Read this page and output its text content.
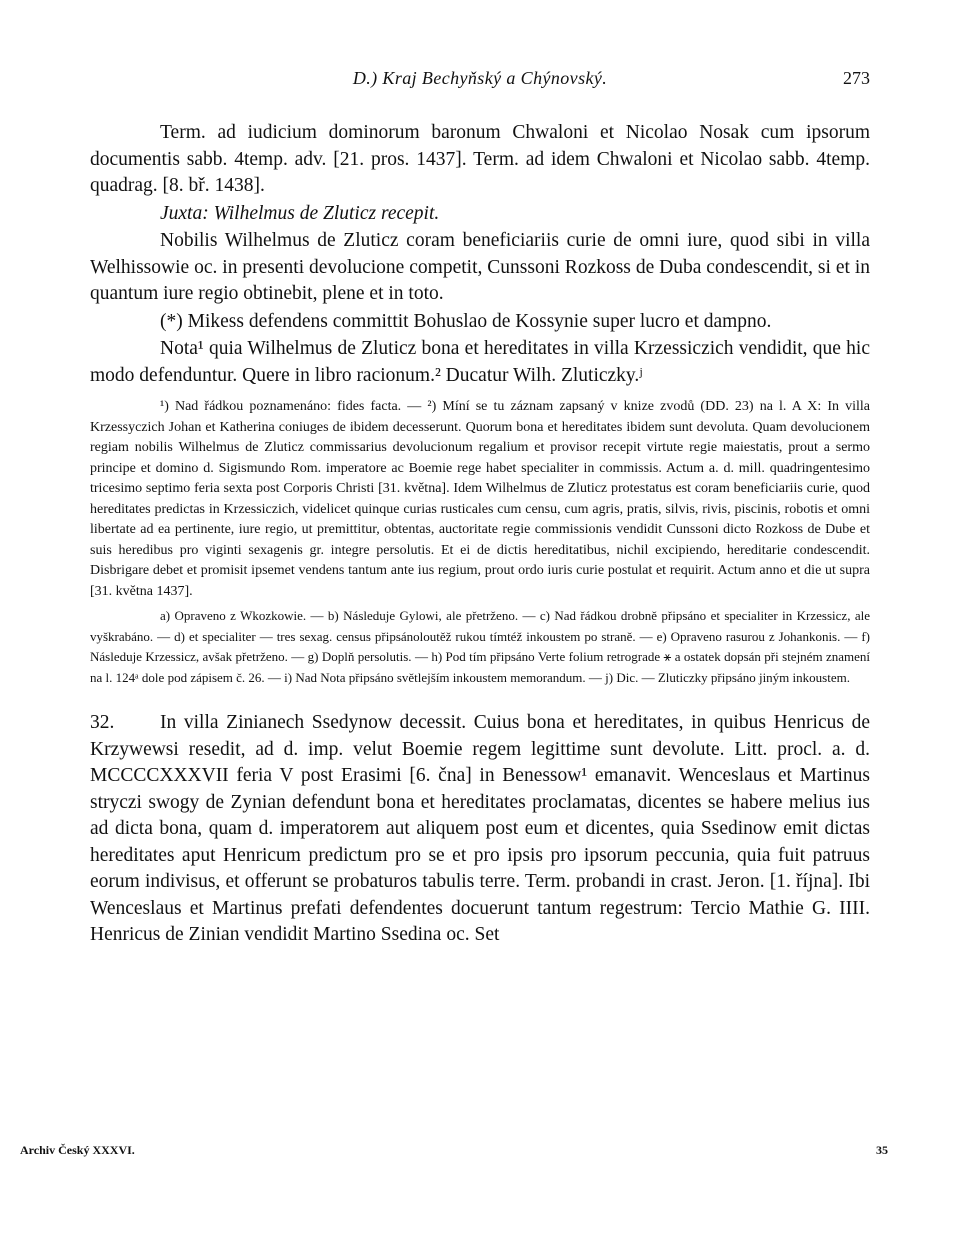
D.) Kraj Bechyňský a Chýnovský.	273

Term. ad iudicium dominorum baronum Chwaloni et Nicolao Nosak cum ipsorum documentis sabb. 4temp. adv. [21. pros. 1437]. Term. ad idem Chwaloni et Nicolao sabb. 4temp. quadrag. [8. bř. 1438].

Juxta: Wilhelmus de Zluticz recepit.

Nobilis Wilhelmus de Zluticz coram beneficiariis curie de omni iure, quod sibi in villa Welhissowie oc. in presenti devolucione competit, Cunssoni Rozkoss de Duba condescendit, si et in quantum iure regio obtinebit, plene et in toto.

(*) Mikess defendens committit Bohuslao de Kossynie super lucro et dampno.

Nota¹ quia Wilhelmus de Zluticz bona et hereditates in villa Krzessiczich vendidit, que hic modo defenduntur. Quere in libro racionum.² Ducatur Wilh. Zluticzky.ʲ

¹) Nad řádkou poznamenáno: fides facta. — ²) Míní se tu záznam zapsaný v knize zvodů (DD. 23) na l. A X: In villa Krzessyczich Johan et Katherina coniuges de ibidem decesserunt. Quorum bona et hereditates ibidem sunt devoluta. Quam devolucionem regiam nobilis Wilhelmus de Zluticz commissarius devolucionum regalium et provisor recepit virtute regie maiestatis, prout a sermo principe et domino d. Sigismundo Rom. imperatore ac Boemie rege habet specialiter in commissis. Actum a. d. mill. quadringentesimo tricesimo septimo feria sexta post Corporis Christi [31. května]. Idem Wilhelmus de Zluticz protestatus est coram beneficiariis curie, quod hereditates predictas in Krzessiczich, videlicet quinque curias rusticales cum censu, cum agris, pratis, silvis, rivis, piscinis, robotis et omni libertate ad ea pertinente, iure regio, ut premittitur, obtentas, auctoritate regie commissionis vendidit Cunssoni dicto Rozkoss de Dube et suis heredibus pro viginti sexagenis gr. integre persolutis. Et ei de dictis hereditatibus, nichil excipiendo, hereditarie condescendit. Disbrigare debet et promisit ipsemet vendens tantum ante ius regium, prout ordo iuris curie postulat et requirit. Actum anno et die ut supra [31. května 1437].

a) Opraveno z Wkozkowie. — b) Následuje Gylowi, ale přetrženo. — c) Nad řádkou drobně připsáno et specialiter in Krzessicz, ale vyškrabáno. — d) et specialiter — tres sexag. census připsánoloutěž rukou tímtéž inkoustem po straně. — e) Opraveno rasurou z Johankonis. — f) Následuje Krzessicz, avšak přetrženo. — g) Doplň persolutis. — h) Pod tím připsáno Verte folium retrograde ⚹ a ostatek dopsán při stejném znamení na l. 124ᵃ dole pod zápisem č. 26. — i) Nad Nota připsáno světlejším inkoustem memorandum. — j) Dic. — Zluticzky připsáno jiným inkoustem.

32. In villa Zinianech Ssedynow decessit. Cuius bona et hereditates, in quibus Henricus de Krzywewsi resedit, ad d. imp. velut Boemie regem legittime sunt devolute. Litt. procl. a. d. MCCCCXXXVII feria V post Erasimi [6. čna] in Benessow¹ emanavit. Wenceslaus et Martinus stryczi swogy de Zynian defendunt bona et hereditates proclamatas, dicentes se habere melius ius ad dicta bona, quam d. imperatorem aut aliquem post eum et dicentes, quia Ssedinow emit dictas hereditates aput Henricum predictum pro se et pro ipsis pro ipsorum peccunia, quia fuit patruus eorum indivisus, et offerunt se probaturos tabulis terre. Term. probandi in crast. Jeron. [1. října]. Ibi Wenceslaus et Martinus prefati defendentes docuerunt tantum regestrum: Tercio Mathie G. IIII. Henricus de Zinian vendidit Martino Ssedina oc. Set

Archiv Český XXXVI.	35
